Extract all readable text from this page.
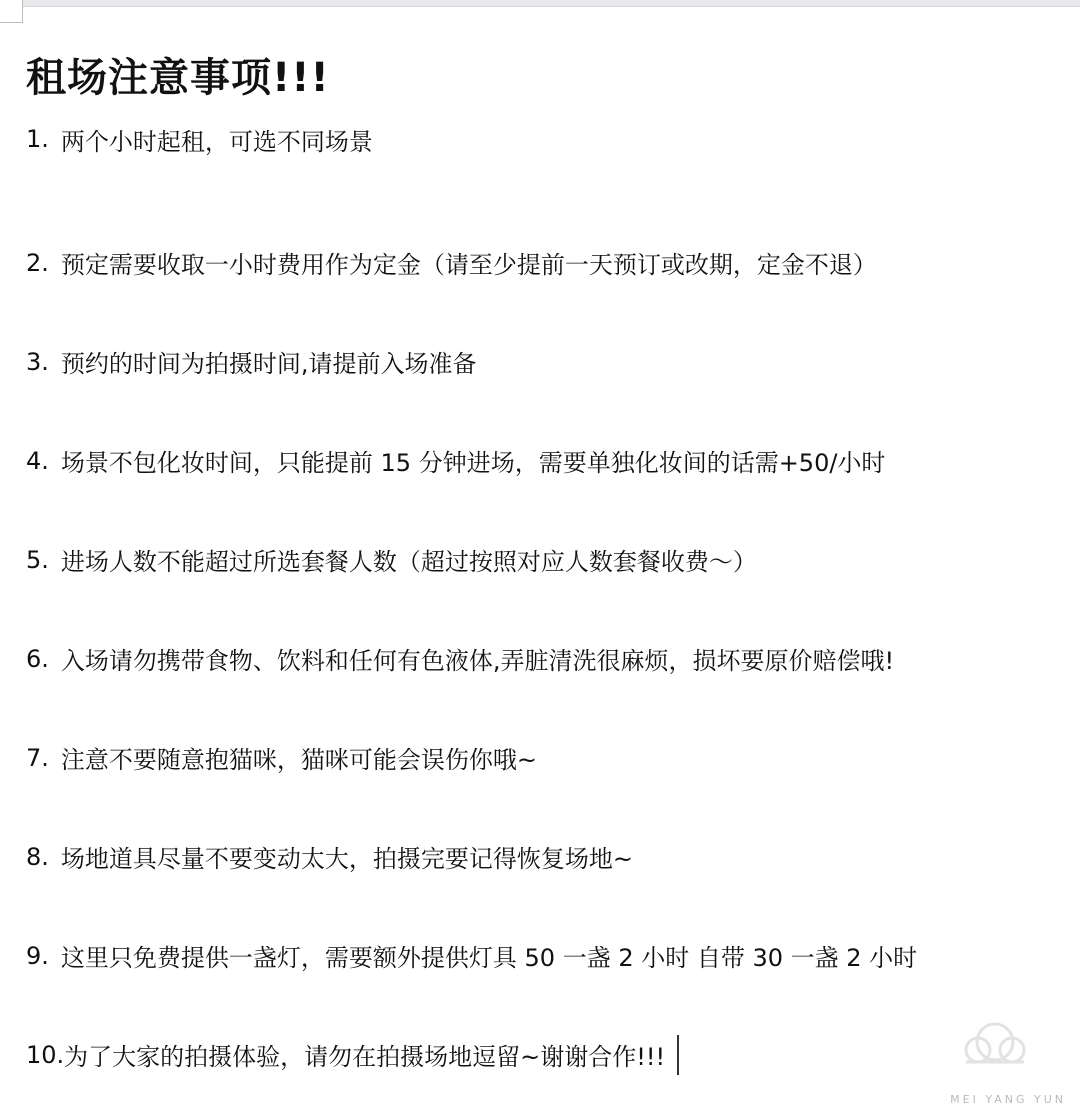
租场注意事项!!!
1. 两个小时起租，可选不同场景
2. 预定需要收取一小时费用作为定金（请至少提前一天预订或改期，定金不退）
3. 预约的时间为拍摄时间,请提前入场准备
4. 场景不包化妆时间，只能提前 15 分钟进场，需要单独化妆间的话需+50/小时
5. 进场人数不能超过所选套餐人数（超过按照对应人数套餐收费～）
6. 入场请勿携带食物、饮料和任何有色液体,弄脏清洗很麻烦，损坏要原价赔偿哦!
7. 注意不要随意抱猫咪，猫咪可能会误伤你哦~
8. 场地道具尽量不要变动太大，拍摄完要记得恢复场地~
9. 这里只免费提供一盏灯，需要额外提供灯具 50 一盏 2 小时 自带 30 一盏 2 小时
10. 为了大家的拍摄体验，请勿在拍摄场地逗留~谢谢合作!!!
MEI YANG YUN
